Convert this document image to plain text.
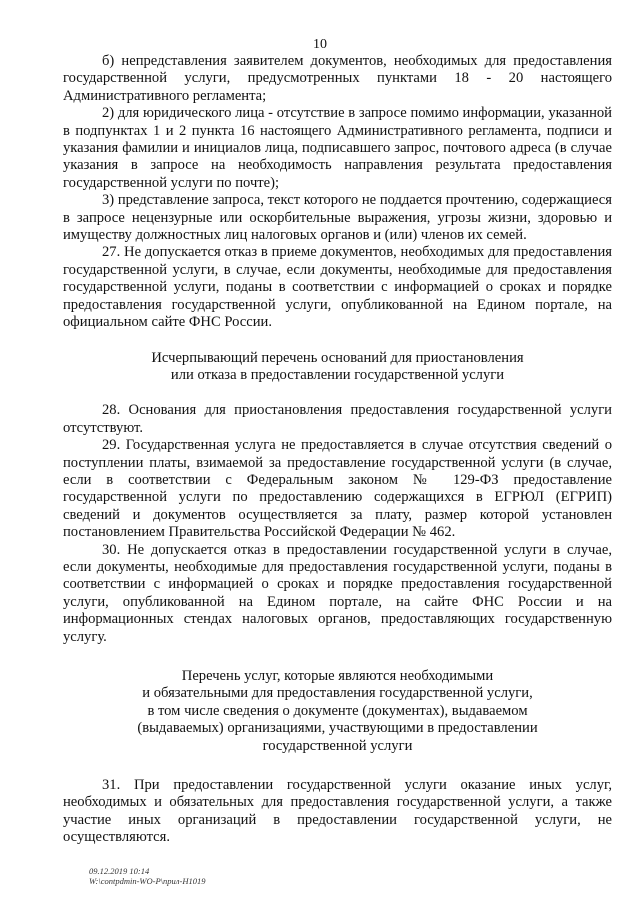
10

б) непредставления заявителем документов, необходимых для предоставления государственной услуги, предусмотренных пунктами 18 - 20 настоящего Административного регламента;

2) для юридического лица - отсутствие в запросе помимо информации, указанной в подпунктах 1 и 2 пункта 16 настоящего Административного регламента, подписи и указания фамилии и инициалов лица, подписавшего запрос, почтового адреса (в случае указания в запросе на необходимость направления результата предоставления государственной услуги по почте);

3) представление запроса, текст которого не поддается прочтению, содержащиеся в запросе нецензурные или оскорбительные выражения, угрозы жизни, здоровью и имуществу должностных лиц налоговых органов и (или) членов их семей.

27. Не допускается отказ в приеме документов, необходимых для предоставления государственной услуги, в случае, если документы, необходимые для предоставления государственной услуги, поданы в соответствии с информацией о сроках и порядке предоставления государственной услуги, опубликованной на Едином портале, на официальном сайте ФНС России.

Исчерпывающий перечень оснований для приостановления
или отказа в предоставлении государственной услуги

28. Основания для приостановления предоставления государственной услуги отсутствуют.

29. Государственная услуга не предоставляется в случае отсутствия сведений о поступлении платы, взимаемой за предоставление государственной услуги (в случае, если в соответствии с Федеральным законом № 129-ФЗ предоставление государственной услуги по предоставлению содержащихся в ЕГРЮЛ (ЕГРИП) сведений и документов осуществляется за плату, размер которой установлен постановлением Правительства Российской Федерации № 462.

30. Не допускается отказ в предоставлении государственной услуги в случае, если документы, необходимые для предоставления государственной услуги, поданы в соответствии с информацией о сроках и порядке предоставления государственной услуги, опубликованной на Едином портале, на сайте ФНС России и на информационных стендах налоговых органов, предоставляющих государственную услугу.

Перечень услуг, которые являются необходимыми
и обязательными для предоставления государственной услуги,
в том числе сведения о документе (документах), выдаваемом
(выдаваемых) организациями, участвующими в предоставлении
государственной услуги

31. При предоставлении государственной услуги оказание иных услуг, необходимых и обязательных для предоставления государственной услуги, а также участие иных организаций в предоставлении государственной услуги, не осуществляются.

09.12.2019 10:14
W:\contpdmin-WO-P\прил-H1019
